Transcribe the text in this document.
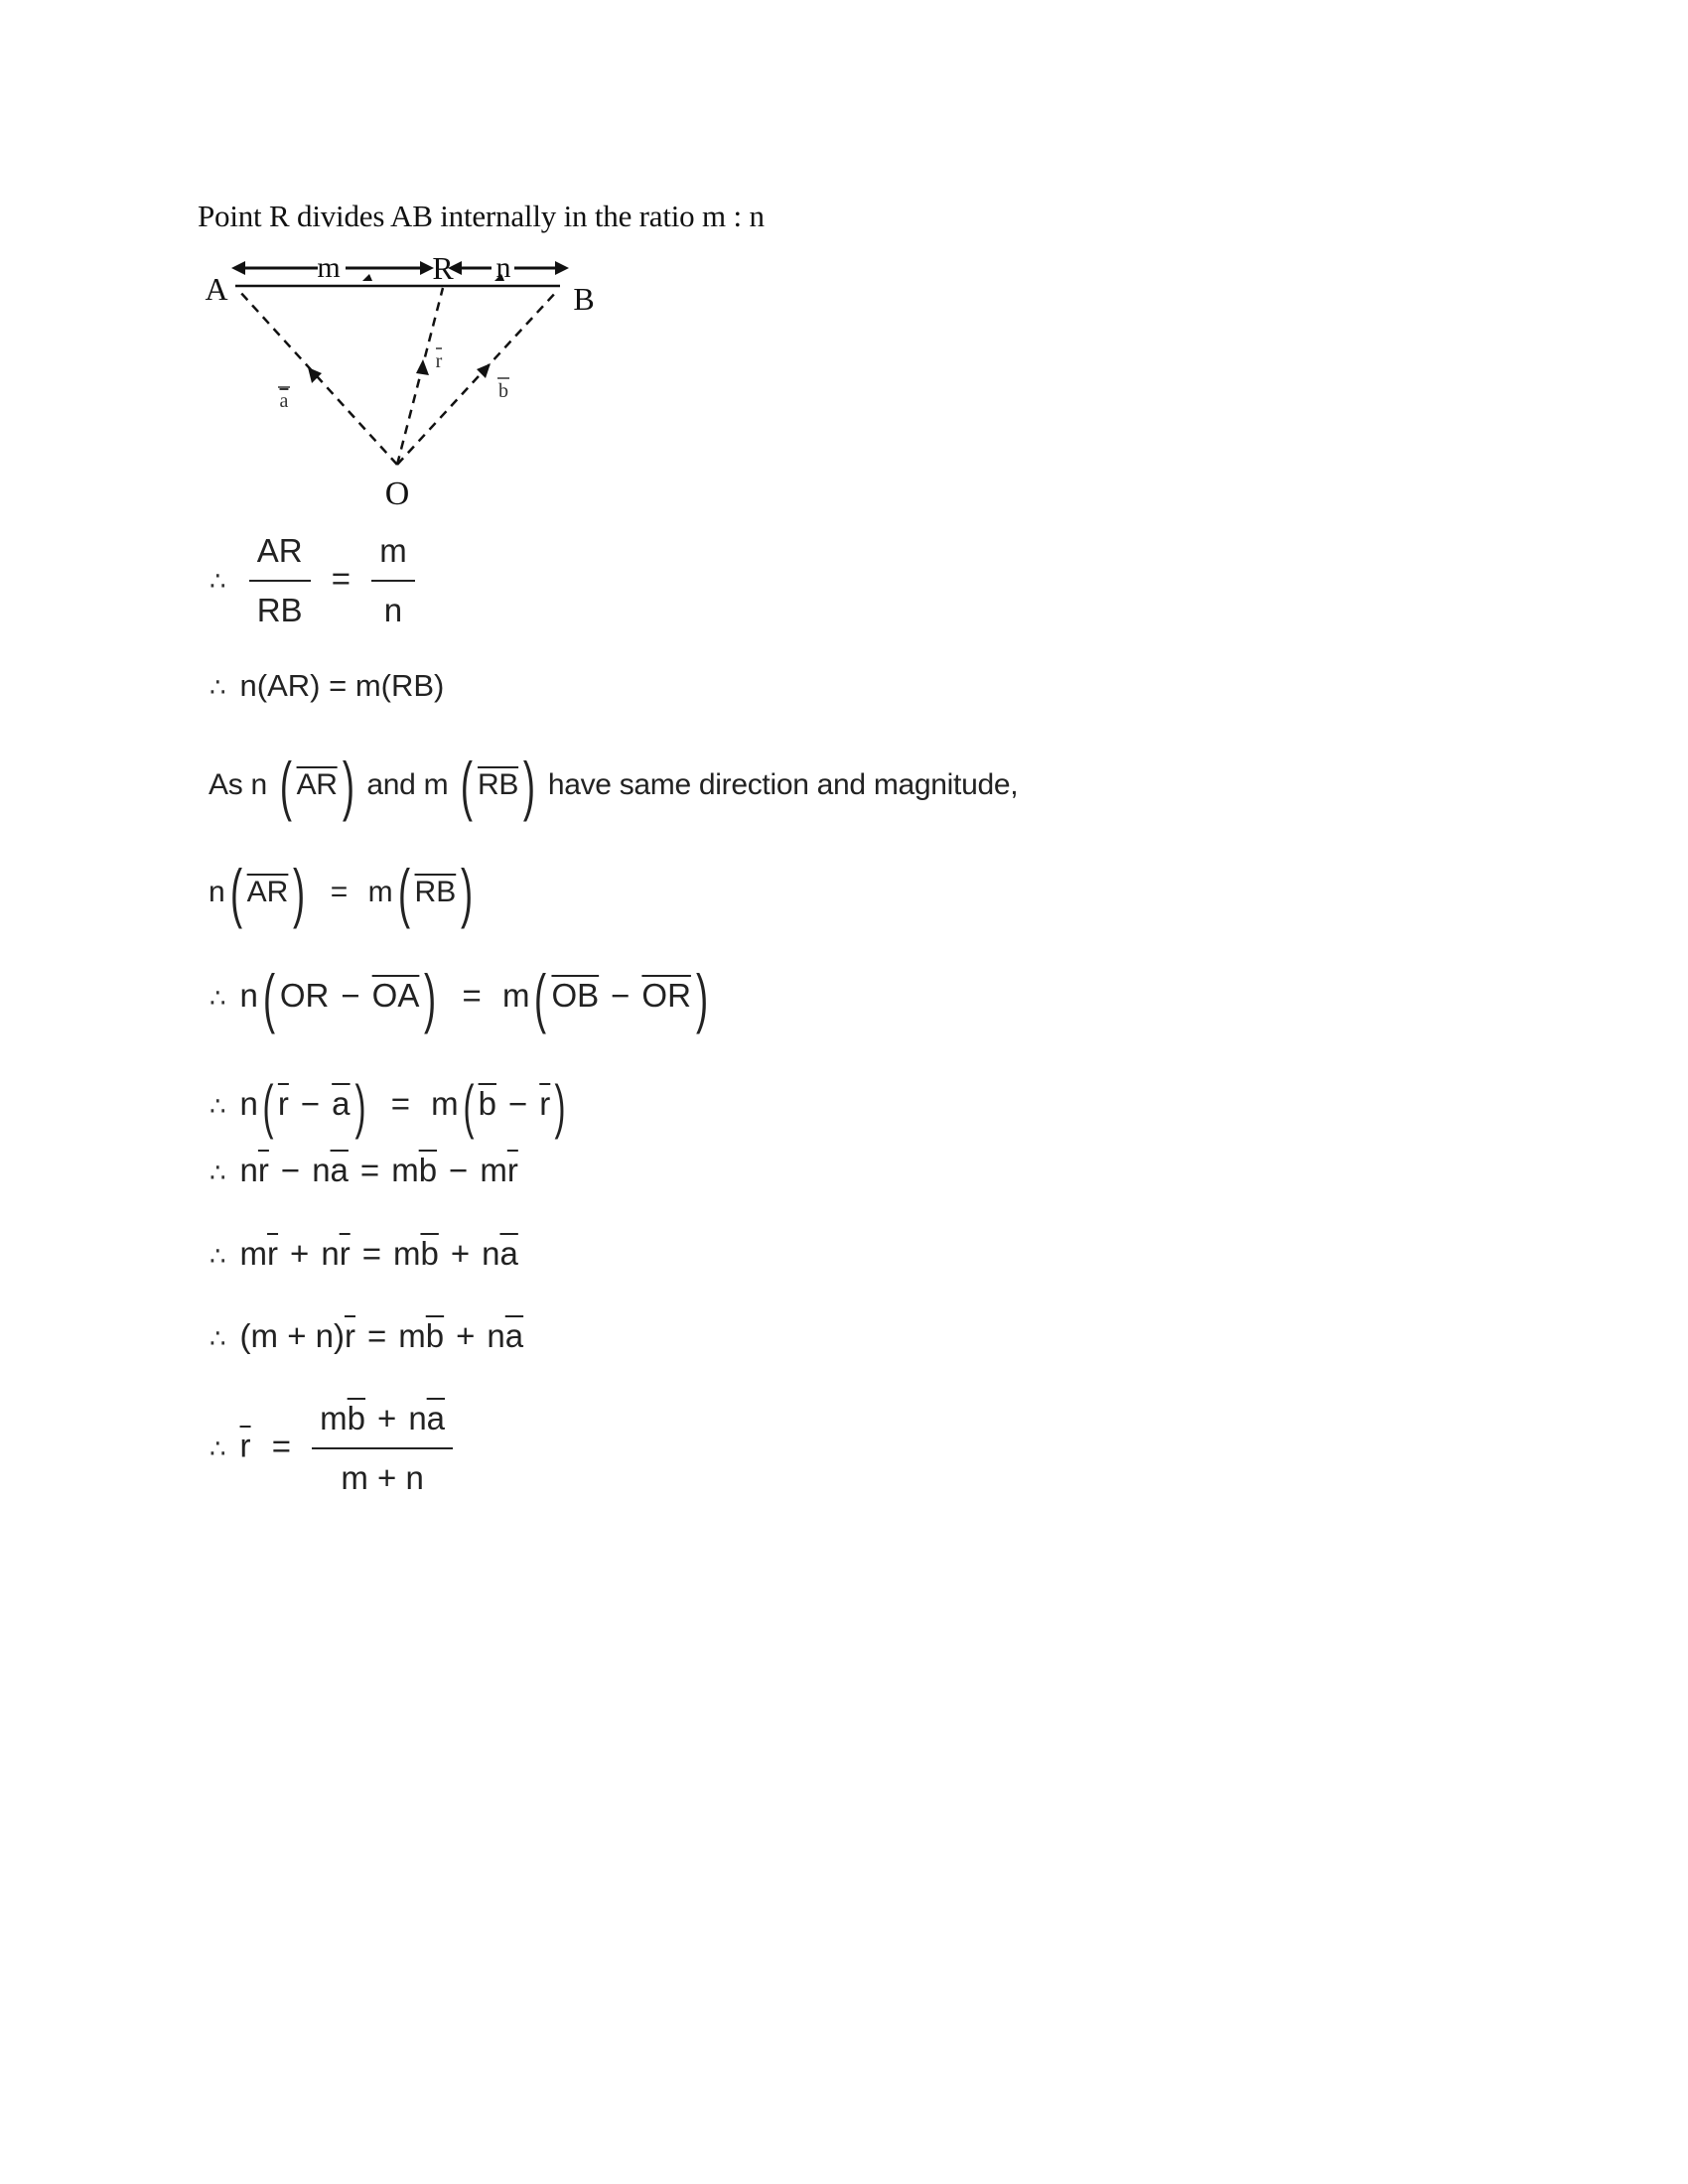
Point R divides AB internally in the ratio m : n
m	R n
A	B
a
r
b
O
∴ $\frac{AR}{RB} = \frac{m}{n}$
∴ n(AR) = m(RB)
As n ( $\overline{AR}$) and m ( $\overline{RB}$) have same direction and magnitude,
n( $\overline{AR}) = m$( $\overline{RB}$)
∴ n( OR − $\overline{OA}) = m$( $\overline{OB} - \overline{OR}$)
∴ n( $\overline{r} - \overline{a}) = m$( $\overline{b} - \overline{r}$)
∴ $n\overline{r} - n\overline{a} = m\overline{b} - m\overline{r}$
∴ $m\overline{r} + n\overline{r} = m\overline{b} + n\overline{a}$
∴ $(m + n)\overline{r} = m\overline{b} + n\overline{a}$
∴ $\overline{r} = \frac{m\overline{b} + n\overline{a}}{m + n}$
